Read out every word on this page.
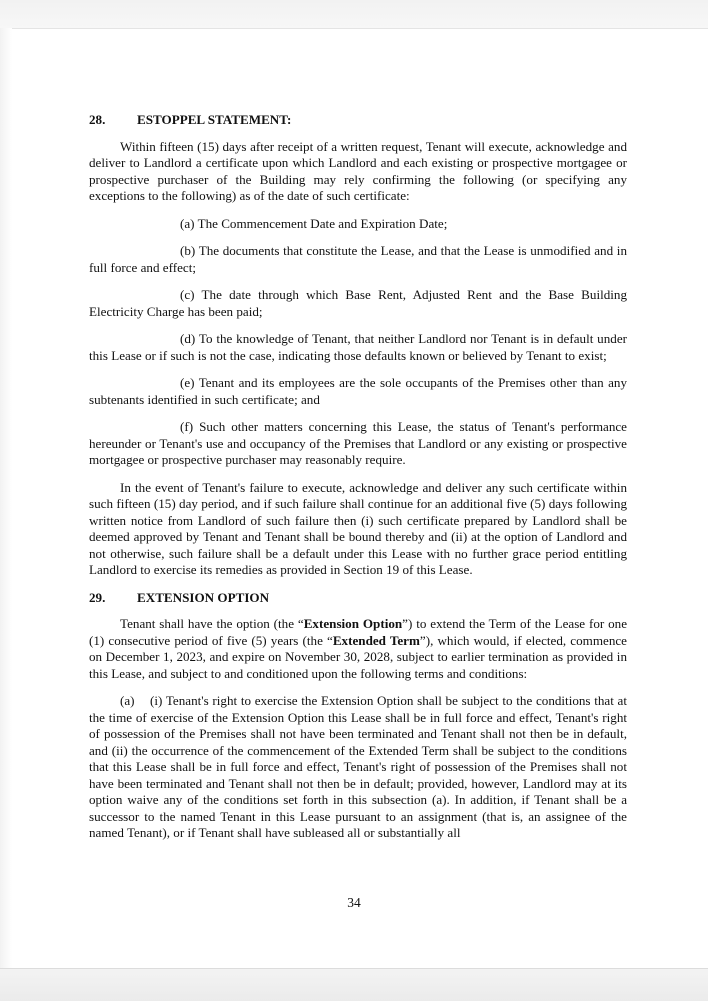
28.	ESTOPPEL STATEMENT:

Within fifteen (15) days after receipt of a written request, Tenant will execute, acknowledge and deliver to Landlord a certificate upon which Landlord and each existing or prospective mortgagee or prospective purchaser of the Building may rely confirming the following (or specifying any exceptions to the following) as of the date of such certificate:

(a) The Commencement Date and Expiration Date;

(b) The documents that constitute the Lease, and that the Lease is unmodified and in full force and effect;

(c) The date through which Base Rent, Adjusted Rent and the Base Building Electricity Charge has been paid;

(d) To the knowledge of Tenant, that neither Landlord nor Tenant is in default under this Lease or if such is not the case, indicating those defaults known or believed by Tenant to exist;

(e) Tenant and its employees are the sole occupants of the Premises other than any subtenants identified in such certificate; and

(f) Such other matters concerning this Lease, the status of Tenant's performance hereunder or Tenant's use and occupancy of the Premises that Landlord or any existing or prospective mortgagee or prospective purchaser may reasonably require.

In the event of Tenant's failure to execute, acknowledge and deliver any such certificate within such fifteen (15) day period, and if such failure shall continue for an additional five (5) days following written notice from Landlord of such failure then (i) such certificate prepared by Landlord shall be deemed approved by Tenant and Tenant shall be bound thereby and (ii) at the option of Landlord and not otherwise, such failure shall be a default under this Lease with no further grace period entitling Landlord to exercise its remedies as provided in Section 19 of this Lease.

29.	EXTENSION OPTION

Tenant shall have the option (the “Extension Option”) to extend the Term of the Lease for one (1) consecutive period of five (5) years (the “Extended Term”), which would, if elected, commence on December 1, 2023, and expire on November 30, 2028, subject to earlier termination as provided in this Lease, and subject to and conditioned upon the following terms and conditions:

(a) (i) Tenant's right to exercise the Extension Option shall be subject to the conditions that at the time of exercise of the Extension Option this Lease shall be in full force and effect, Tenant's right of possession of the Premises shall not have been terminated and Tenant shall not then be in default, and (ii) the occurrence of the commencement of the Extended Term shall be subject to the conditions that this Lease shall be in full force and effect, Tenant's right of possession of the Premises shall not have been terminated and Tenant shall not then be in default; provided, however, Landlord may at its option waive any of the conditions set forth in this subsection (a). In addition, if Tenant shall be a successor to the named Tenant in this Lease pursuant to an assignment (that is, an assignee of the named Tenant), or if Tenant shall have subleased all or substantially all

34
